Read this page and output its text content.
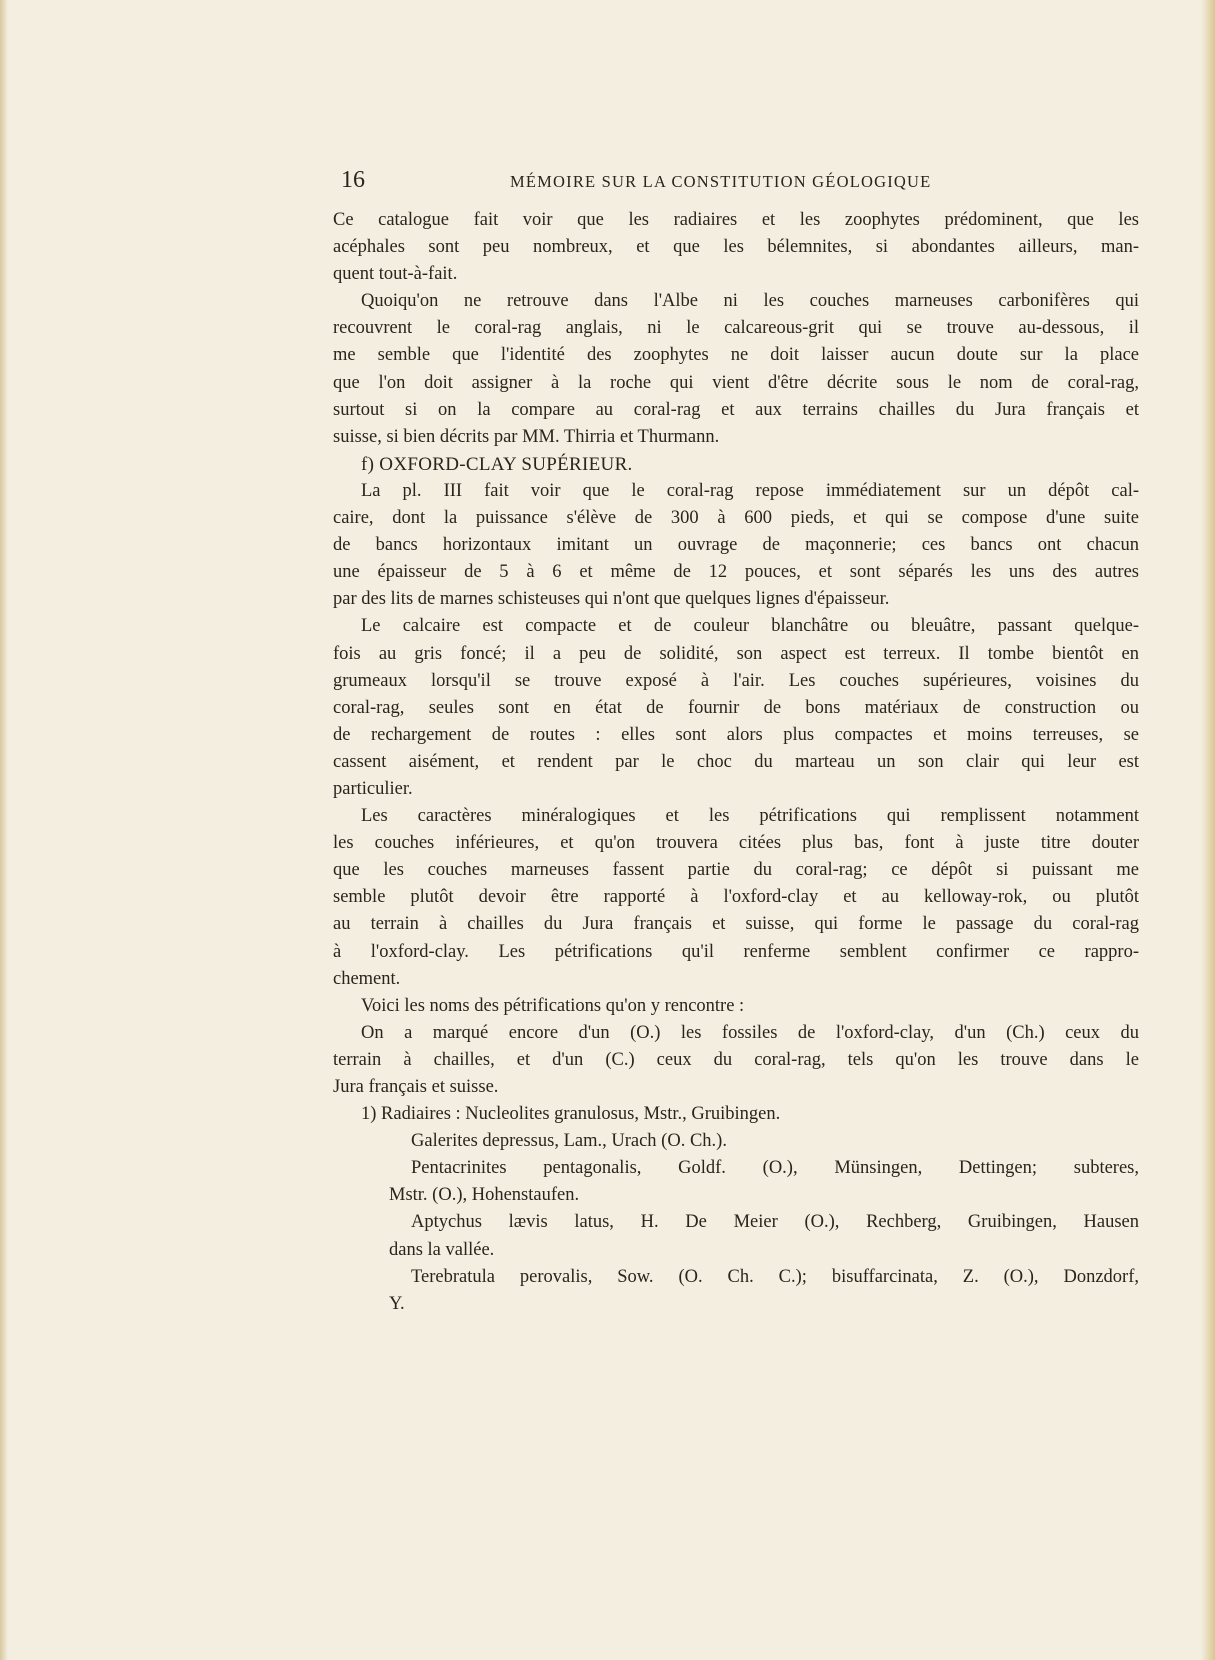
16	MÉMOIRE SUR LA CONSTITUTION GÉOLOGIQUE
Ce catalogue fait voir que les radiaires et les zoophytes prédominent, que les
acéphales sont peu nombreux, et que les bélemnites, si abondantes ailleurs, man-
quent tout-à-fait.
Quoiqu'on ne retrouve dans l'Albe ni les couches marneuses carbonifères qui
recouvrent le coral-rag anglais, ni le calcareous-grit qui se trouve au-dessous, il
me semble que l'identité des zoophytes ne doit laisser aucun doute sur la place
que l'on doit assigner à la roche qui vient d'être décrite sous le nom de coral-rag,
surtout si on la compare au coral-rag et aux terrains chailles du Jura français et
suisse, si bien décrits par MM. Thirria et Thurmann.
f) OXFORD-CLAY SUPÉRIEUR.
La pl. III fait voir que le coral-rag repose immédiatement sur un dépôt cal-
caire, dont la puissance s'élève de 300 à 600 pieds, et qui se compose d'une suite
de bancs horizontaux imitant un ouvrage de maçonnerie; ces bancs ont chacun
une épaisseur de 5 à 6 et même de 12 pouces, et sont séparés les uns des autres
par des lits de marnes schisteuses qui n'ont que quelques lignes d'épaisseur.
Le calcaire est compacte et de couleur blanchâtre ou bleuâtre, passant quelque-
fois au gris foncé; il a peu de solidité, son aspect est terreux. Il tombe bientôt en
grumeaux lorsqu'il se trouve exposé à l'air. Les couches supérieures, voisines du
coral-rag, seules sont en état de fournir de bons matériaux de construction ou
de rechargement de routes : elles sont alors plus compactes et moins terreuses, se
cassent aisément, et rendent par le choc du marteau un son clair qui leur est
particulier.
Les caractères minéralogiques et les pétrifications qui remplissent notamment
les couches inférieures, et qu'on trouvera citées plus bas, font à juste titre douter
que les couches marneuses fassent partie du coral-rag; ce dépôt si puissant me
semble plutôt devoir être rapporté à l'oxford-clay et au kelloway-rok, ou plutôt
au terrain à chailles du Jura français et suisse, qui forme le passage du coral-rag
à l'oxford-clay. Les pétrifications qu'il renferme semblent confirmer ce rappro-
chement.
Voici les noms des pétrifications qu'on y rencontre :
On a marqué encore d'un (O.) les fossiles de l'oxford-clay, d'un (Ch.) ceux du
terrain à chailles, et d'un (C.) ceux du coral-rag, tels qu'on les trouve dans le
Jura français et suisse.
1) Radiaires : Nucleolites granulosus, Mstr., Gruibingen.
Galerites depressus, Lam., Urach (O. Ch.).
Pentacrinites pentagonalis, Goldf. (O.), Münsingen, Dettingen; subteres,
Mstr. (O.), Hohenstaufen.
Aptychus lævis latus, H. De Meier (O.), Rechberg, Gruibingen, Hausen
dans la vallée.
Terebratula perovalis, Sow. (O. Ch. C.); bisuffarcinata, Z. (O.), Donzdorf,
Y.
